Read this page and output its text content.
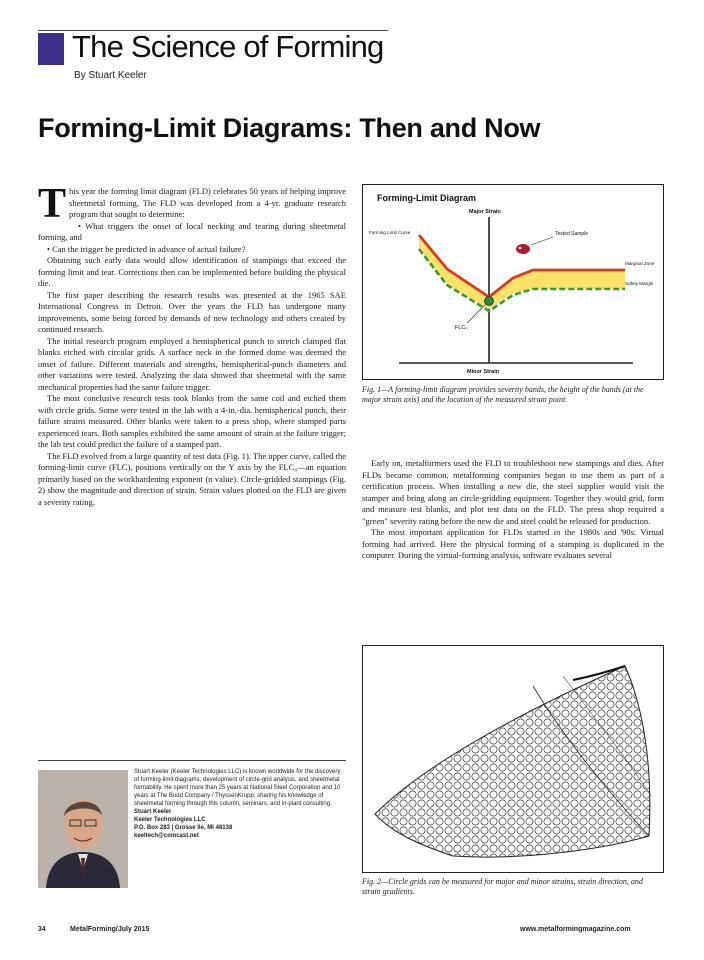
The Science of Forming
By Stuart Keeler
Forming-Limit Diagrams: Then and Now

This year the forming limit diagram (FLD) celebrates 50 years of helping improve sheetmetal forming. The FLD was developed from a 4-yr. graduate research program that sought to determine:

• What triggers the onset of local necking and tearing during sheetmetal forming, and

• Can the trigger be predicted in advance of actual failure?

Obtaining such early data would allow identification of stampings that exceed the forming limit and tear. Corrections then can be implemented before building the physical die.

The first paper describing the research results was presented at the 1965 SAE International Congress in Detroit. Over the years the FLD has undergone many improvements, some being forced by demands of new technology and others created by continued research.

The initial research program employed a hemispherical punch to stretch clamped flat blanks etched with circular grids. A surface neck in the formed dome was deemed the onset of failure. Different materials and strengths, hemispherical-punch diameters and other variations were tested. Analyzing the data showed that sheetmetal with the same mechanical properties had the same failure trigger.

The most conclusive research tests took blanks from the same coil and etched them with circle grids. Some were tested in the lab with a 4-in.-dia. hemispherical punch, their failure strains measured. Other blanks were taken to a press shop, where stamped parts experienced tears. Both samples exhibited the same amount of strain at the failure trigger; the lab test could predict the failure of a stamped part.

The FLD evolved from a large quantity of test data (Fig. 1). The upper curve, called the forming-limit curve (FLC), positions vertically on the Y axis by the FLC₀—an equation primarily based on the workhardening exponent (n value). Circle-gridded stampings (Fig. 2) show the magnitude and direction of strain. Strain values plotted on the FLD are given a severity rating.

Forming-Limit Diagram
Major Strain
Minor Strain
Tested Sample
Forming Limit Curve
Marginal Zone
Safety Margin
FLC₀
Fig. 1—A forming-limit diagram provides severity bands, the height of the bands (at the major strain axis) and the location of the measured strain point.

Early on, metalformers used the FLD to troubleshoot new stampings and dies. After FLDs became common, metalforming companies began to use them as part of a certification process. When installing a new die, the steel supplier would visit the stamper and bring along an circle-gridding equipment. Together they would grid, form and measure test blanks, and plot test data on the FLD. The press shop required a "green" severity rating before the new die and steel could be released for production.

The most important application for FLDs started in the 1980s and '90s: Virtual forming had arrived. Here the physical forming of a stamping is duplicated in the computer. During the virtual-forming analysis, software evaluates several

Fig. 2—Circle grids can be measured for major and minor strains, strain direction, and strain gradients.

Stuart Keeler (Keeler Technologies LLC) is known worldwide for the discovery of forming-limit diagrams, development of circle-grid analysis, and sheetmetal formability. He spent more than 25 years at National Steel Corporation and 10 years at The Budd Company / ThyssenKrupp, sharing his knowledge of sheetmetal forming through this column, seminars, and in-plant consulting.

Stuart Keeler

Keeler Technologies LLC

P.O. Box 283 | Grosse Ile, MI 48138

keeltech@comcast.net

34	MetalForming/July 2015	www.metalformingmagazine.com
